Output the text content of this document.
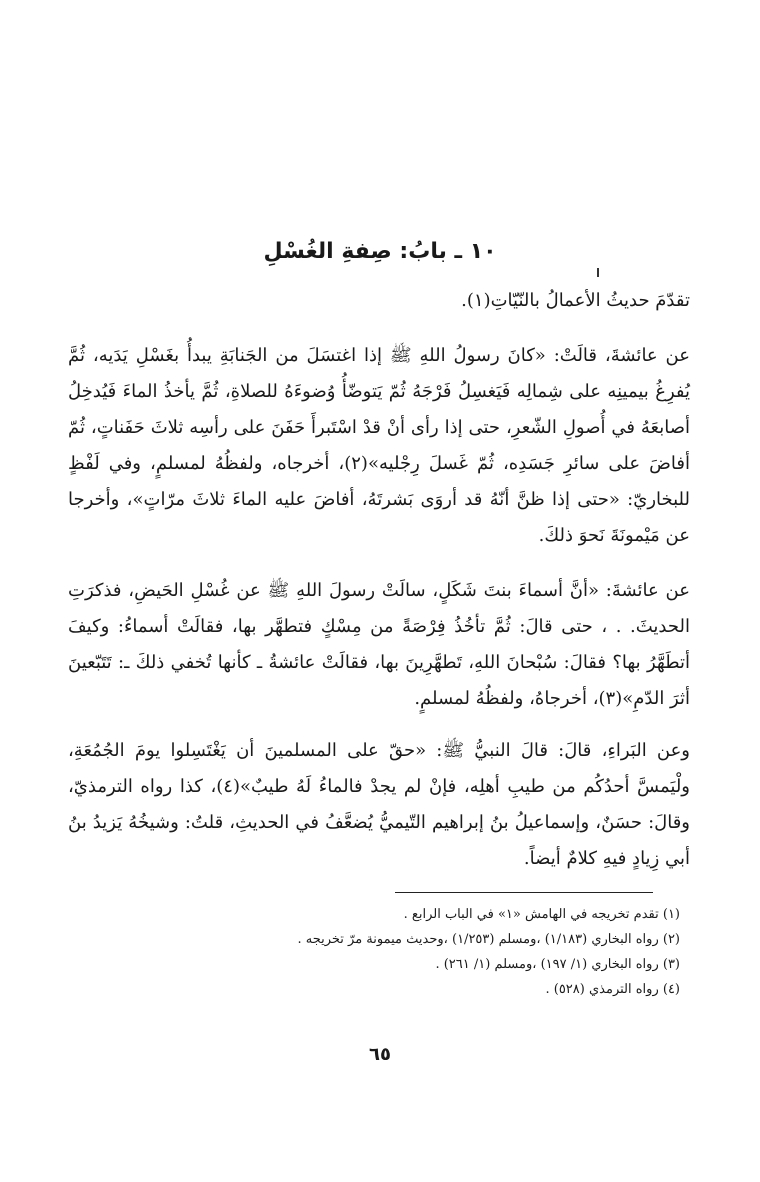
١٠ ـ بابُ: صِفةِ الغُسْلِ

تقدّمَ حديثُ الأعمالُ بالنّيّاتِ(١).

عن عائشةَ، قالَتْ: «كانَ رسولُ اللهِ ﷺ إذا اغتسَلَ من الجَنابَةِ يبدأُ بغَسْلِ يَدَيه، ثُمَّ يُفرِغُ بيمينِه على شِمالِه فَيَغسِلُ فَرْجَهُ ثُمّ يَتوضّأُ وُضوءَهُ للصلاةِ، ثُمَّ يأخذُ الماءَ فَيُدخِلُ أصابعَهُ في أُصولِ الشّعرِ، حتى إذا رأى أنْ قدْ اسْتَبرأَ حَفَنَ على رأسِه ثلاثَ حَفَناتٍ، ثُمّ أفاضَ على سائرِ جَسَدِه، ثُمّ غَسلَ رِجْليه»(٢)، أخرجاه، ولفظُهُ لمسلمٍ، وفي لَفْظٍ للبخاريّ: «حتى إذا ظنَّ أنّهُ قد أروَى بَشرتَهُ، أفاضَ عليه الماءَ ثلاثَ مرّاتٍ»، وأخرجا عن مَيْمونَةَ نَحوَ ذلكَ.

عن عائشةَ: «أنَّ أسماءَ بنتَ شَكَلٍ، سالَتْ رسولَ اللهِ ﷺ عن غُسْلِ الحَيضِ، فذكرَتِ الحديثَ. . ، حتى قالَ: ثُمَّ تأخُذُ فِرْصَةً من مِسْكٍ فتطهَّر بها، فقالَتْ أسماءُ: وكيفَ أتطَهَّرُ بها؟ فقالَ: سُبْحانَ اللهِ، تَطهَّرِينَ بها، فقالَتْ عائشةُ ـ كأنها تُخفي ذلكَ ـ: تَتَبّعينَ أثرَ الدّمِ»(٣)، أخرجاهُ، ولفظُهُ لمسلمٍ.

وعن البَراءِ، قالَ: قالَ النبيُّ ﷺ: «حقّ على المسلمينَ أن يَغْتَسِلوا يومَ الجُمُعَةِ، ولْيَمسَّ أحدُكُم من طيبِ أهلِه، فإنْ لم يجدْ فالماءُ لَهُ طيبٌ»(٤)، كذا رواه الترمذيّ، وقالَ: حسَنٌ، وإسماعيلُ بنُ إبراهيم التّيميُّ يُضعَّفُ في الحديثِ، قلتُ: وشيخُهُ يَزيدُ بنُ أبي زِيادٍ فيهِ كلامٌ أيضاً.

(١) تقدم تخريجه في الهامش «١» في الباب الرابع .
(٢) رواه البخاري (١/١٨٣) ،ومسلم (١/٢٥٣) ،وحديث ميمونة مرّ تخريجه .
(٣) رواه البخاري (١/ ١٩٧) ،ومسلم (١/ ٢٦١) .
(٤) رواه الترمذي (٥٢٨) .
٦٥
